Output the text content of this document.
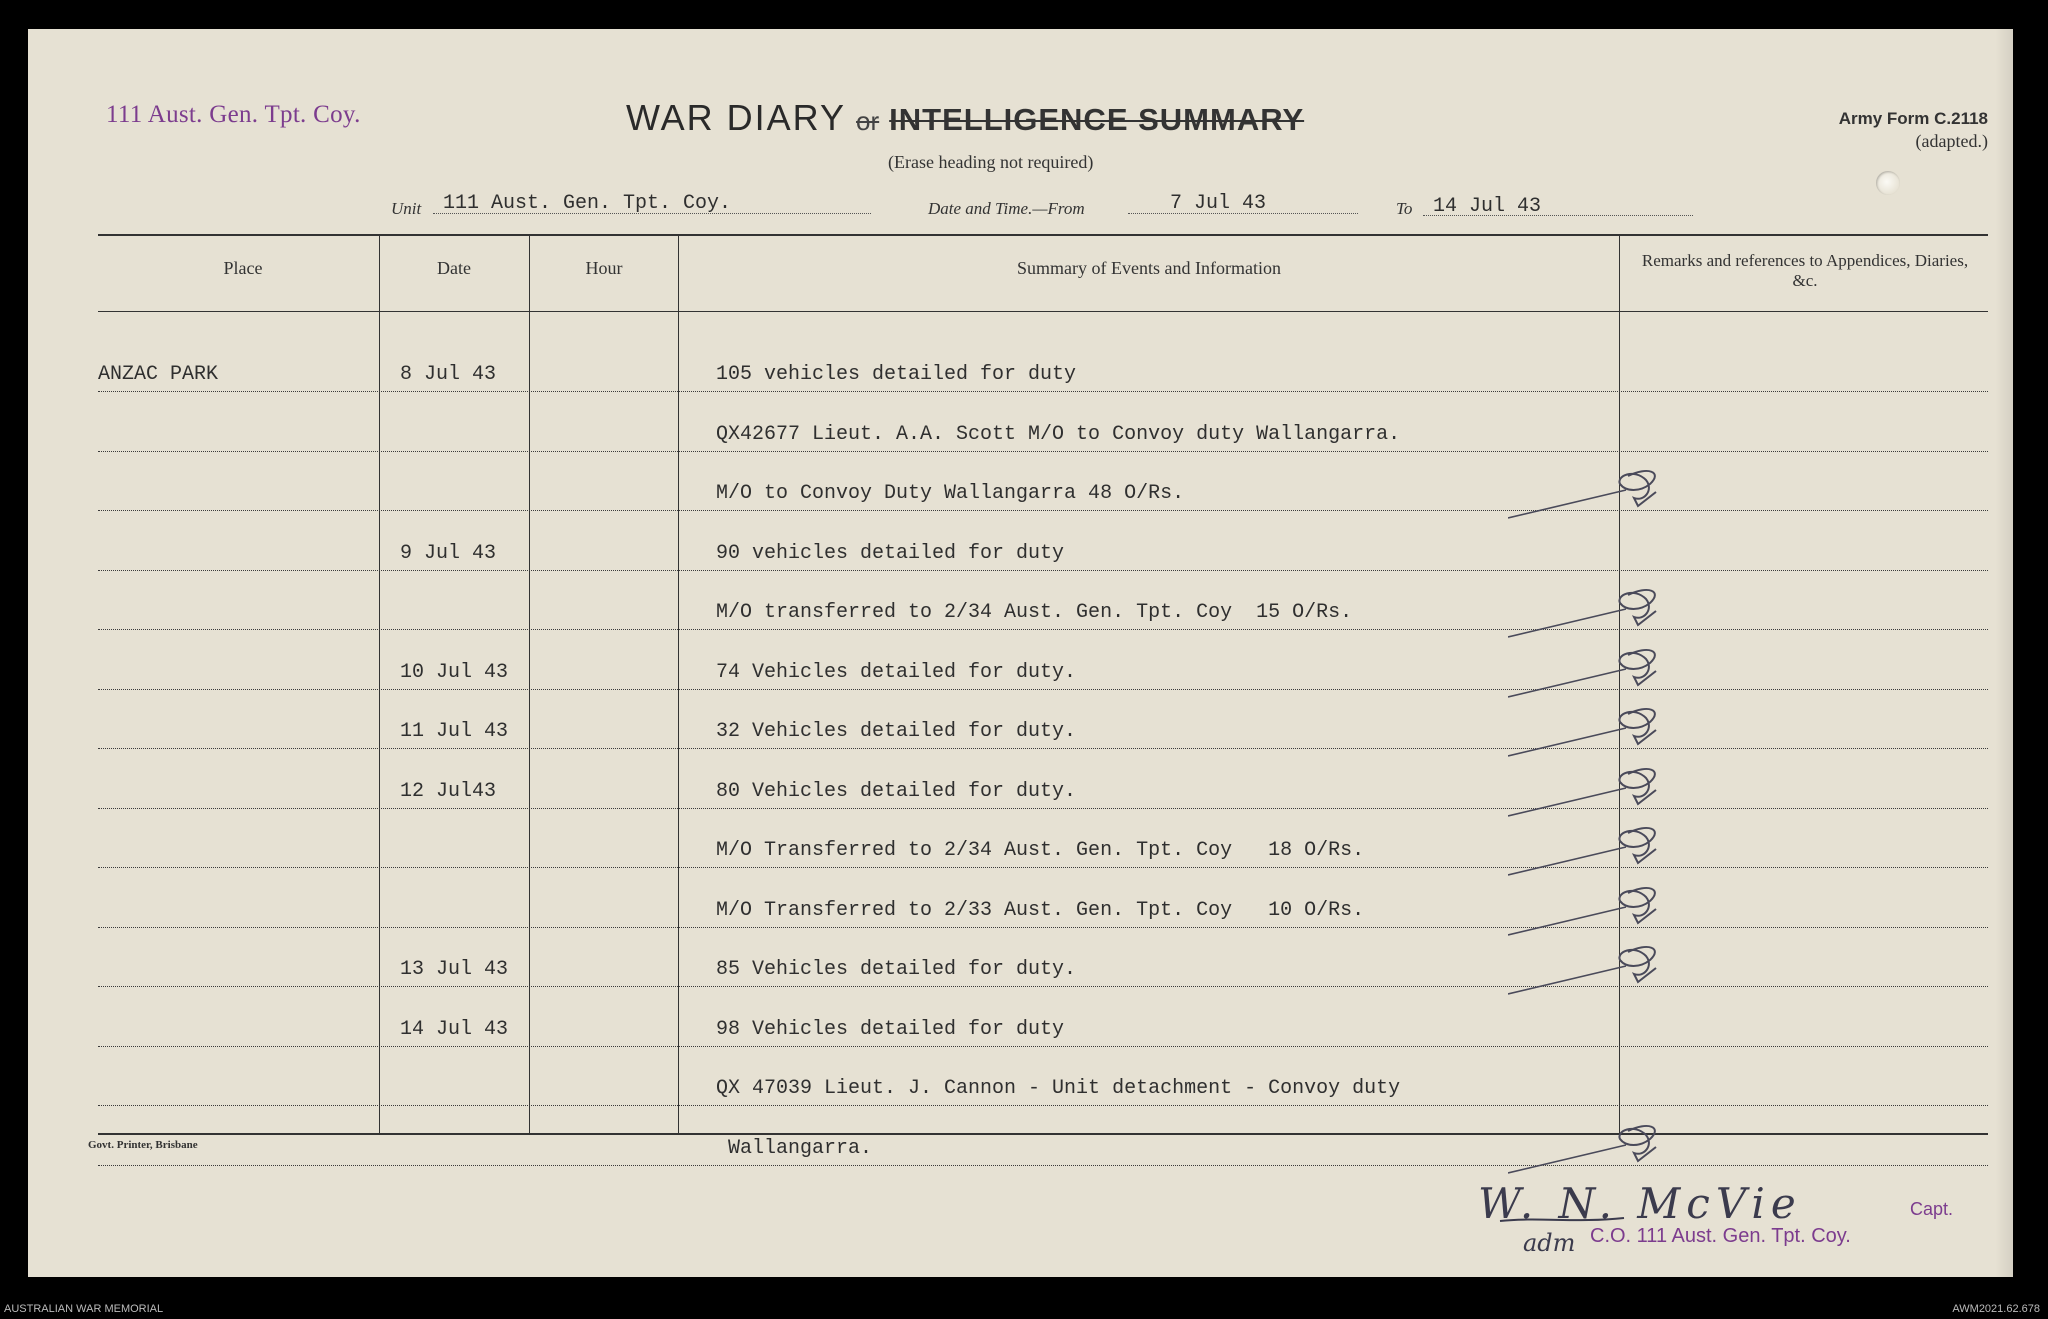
111 Aust. Gen. Tpt. Coy.	WAR DIARY or INTELLIGENCE SUMMARY
(Erase heading not required)
Army Form C.2118
(adapted.)
Unit 111 Aust. Gen. Tpt. Coy.	Date and Time.—From	7 Jul 43	To 14 Jul 43
Place	Date	Hour	Summary of Events and Information	Remarks and references to Appendices, Diaries, &c.
ANZAC PARK	8 Jul 43	105 vehicles detailed for duty
QX42677 Lieut. A.A. Scott M/O to Convoy duty Wallangarra.
M/O to Convoy Duty Wallangarra 48 O/Rs.
9 Jul 43	90 vehicles detailed for duty
M/O transferred to 2/34 Aust. Gen. Tpt. Coy  15 O/Rs.
10 Jul 43	74 Vehicles detailed for duty.
11 Jul 43	32 Vehicles detailed for duty.
12 Jul43	80 Vehicles detailed for duty.
M/O Transferred to 2/34 Aust. Gen. Tpt. Coy   18 O/Rs.
M/O Transferred to 2/33 Aust. Gen. Tpt. Coy   10 O/Rs.
13 Jul 43	85 Vehicles detailed for duty.
14 Jul 43	98 Vehicles detailed for duty
QX 47039 Lieut. J. Cannon - Unit detachment - Convoy duty
Wallangarra.
Govt. Printer, Brisbane
W. N. McVie	Capt.
adm C.O. 111 Aust. Gen. Tpt. Coy.
AUSTRALIAN WAR MEMORIAL	AWM2021.62.678
